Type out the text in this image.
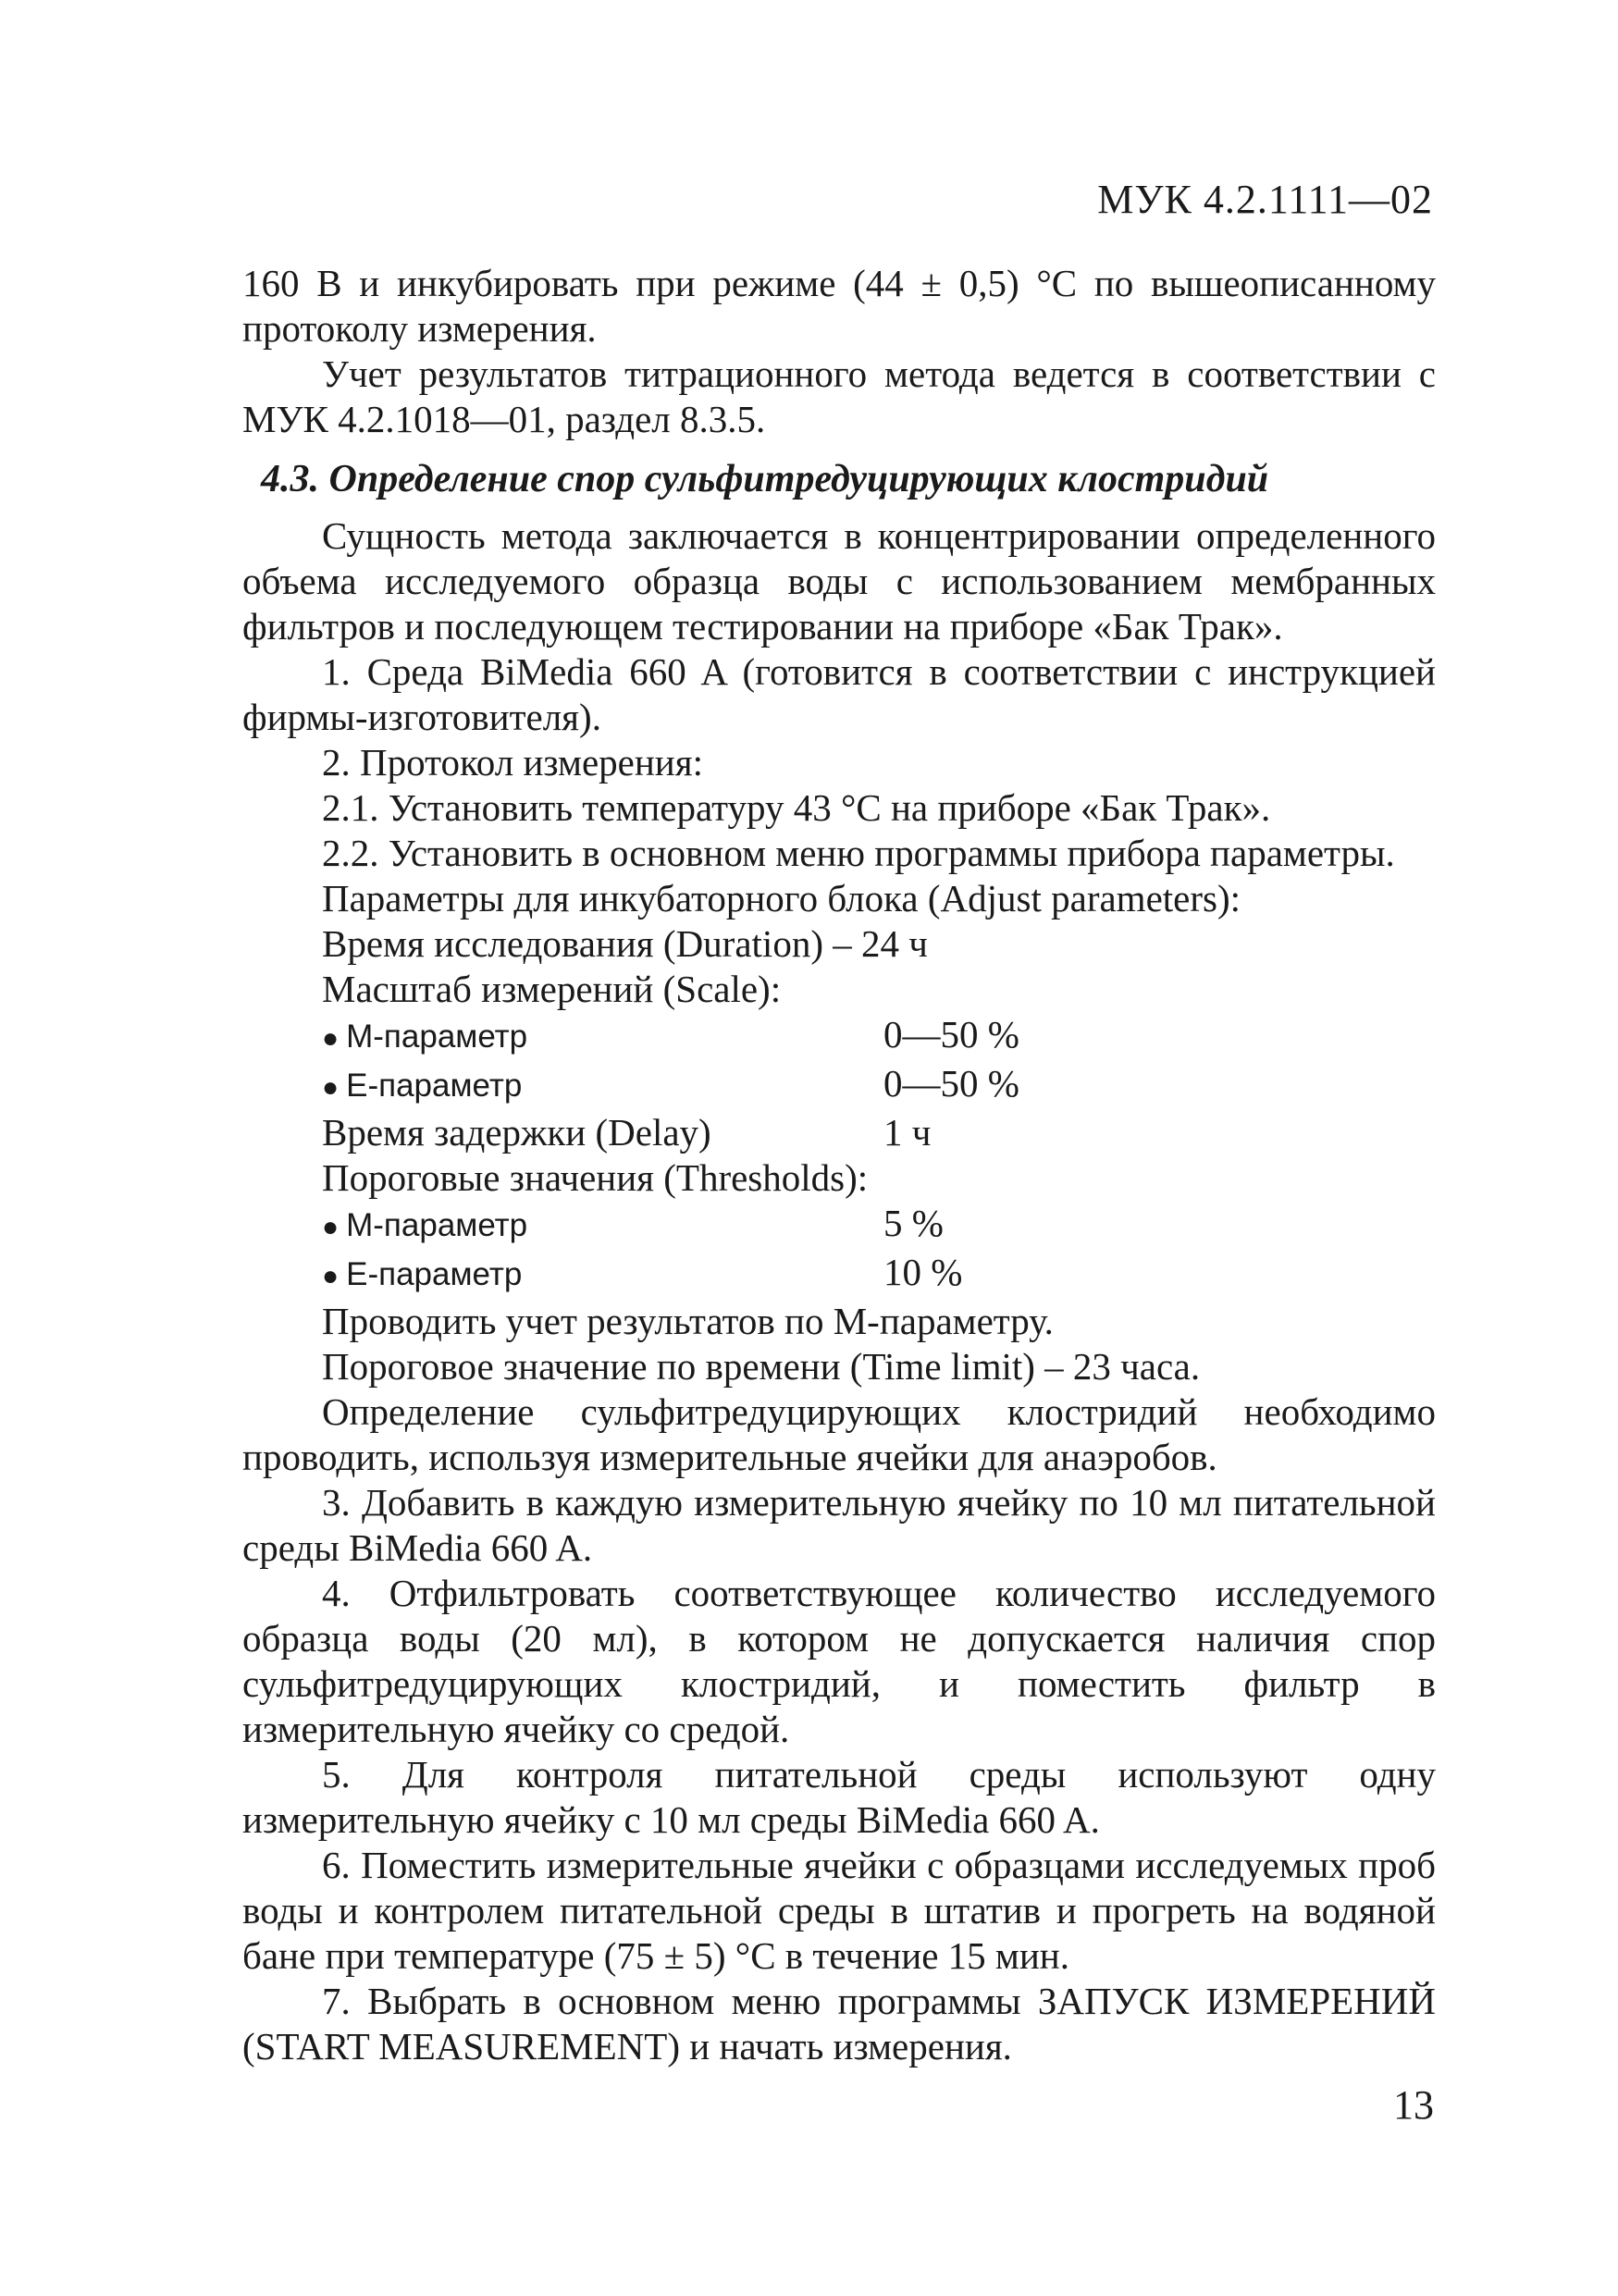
МУК 4.2.1111—02

160 В и инкубировать при режиме (44 ± 0,5) °C по вышеописанному протоколу измерения.

Учет результатов титрационного метода ведется в соответствии с МУК 4.2.1018—01, раздел 8.3.5.

4.3. Определение спор сульфитредуцирующих клостридий

Сущность метода заключается в концентрировании определенного объема исследуемого образца воды с использованием мембранных фильтров и последующем тестировании на приборе «Бак Трак».

1. Среда BiMedia 660 A (готовится в соответствии с инструкцией фирмы-изготовителя).

2. Протокол измерения:

2.1. Установить температуру 43 °C на приборе «Бак Трак».

2.2. Установить в основном меню программы прибора параметры.

Параметры для инкубаторного блока (Adjust parameters):
Время исследования (Duration) – 24 ч
Масштаб измерений (Scale):
● М-параметр	0—50 %
● Е-параметр	0—50 %
Время задержки (Delay)	1 ч
Пороговые значения (Thresholds):
● М-параметр	5 %
● Е-параметр	10 %
Проводить учет результатов по М-параметру.
Пороговое значение по времени (Time limit) – 23 часа.

Определение сульфитредуцирующих клостридий необходимо проводить, используя измерительные ячейки для анаэробов.

3. Добавить в каждую измерительную ячейку по 10 мл питательной среды BiMedia 660 A.

4. Отфильтровать соответствующее количество исследуемого образца воды (20 мл), в котором не допускается наличия спор сульфитредуцирующих клостридий, и поместить фильтр в измерительную ячейку со средой.

5. Для контроля питательной среды используют одну измерительную ячейку с 10 мл среды BiMedia 660 A.

6. Поместить измерительные ячейки с образцами исследуемых проб воды и контролем питательной среды в штатив и прогреть на водяной бане при температуре (75 ± 5) °C в течение 15 мин.

7. Выбрать в основном меню программы ЗАПУСК ИЗМЕРЕНИЙ (START MEASUREMENT) и начать измерения.

13
